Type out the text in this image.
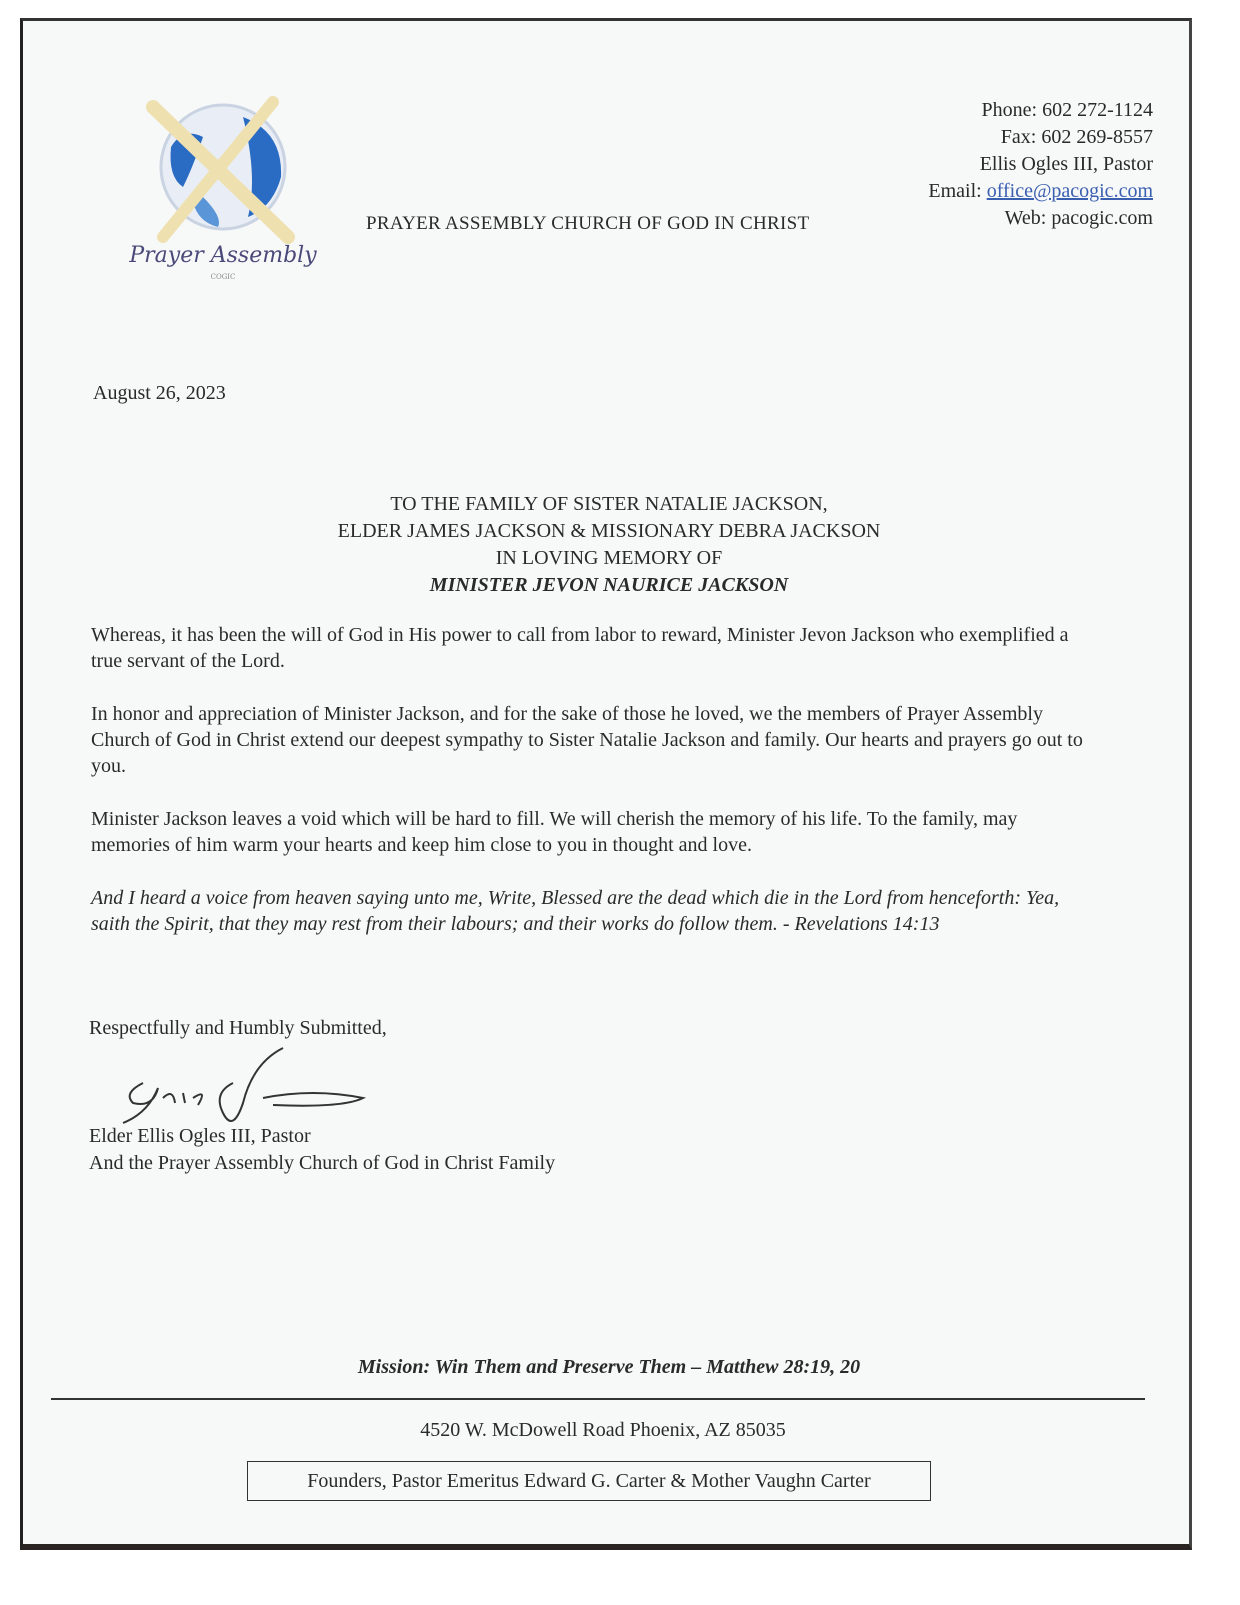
Prayer Assembly
COGIC
PRAYER ASSEMBLY CHURCH OF GOD IN CHRIST
Phone: 602 272-1124
Fax: 602 269-8557
Ellis Ogles III, Pastor
Email: office@pacogic.com
Web: pacogic.com
August 26, 2023
TO THE FAMILY OF SISTER NATALIE JACKSON,
ELDER JAMES JACKSON & MISSIONARY DEBRA JACKSON
IN LOVING MEMORY OF
MINISTER JEVON NAURICE JACKSON
Whereas, it has been the will of God in His power to call from labor to reward, Minister Jevon Jackson who exemplified a true servant of the Lord.
In honor and appreciation of Minister Jackson, and for the sake of those he loved, we the members of Prayer Assembly Church of God in Christ extend our deepest sympathy to Sister Natalie Jackson and family. Our hearts and prayers go out to you.
Minister Jackson leaves a void which will be hard to fill. We will cherish the memory of his life. To the family, may memories of him warm your hearts and keep him close to you in thought and love.
And I heard a voice from heaven saying unto me, Write, Blessed are the dead which die in the Lord from henceforth: Yea, saith the Spirit, that they may rest from their labours; and their works do follow them. - Revelations 14:13
Respectfully and Humbly Submitted,
Elder Ellis Ogles III, Pastor
And the Prayer Assembly Church of God in Christ Family
Mission: Win Them and Preserve Them – Matthew 28:19, 20
4520 W. McDowell Road Phoenix, AZ 85035
Founders, Pastor Emeritus Edward G. Carter & Mother Vaughn Carter
